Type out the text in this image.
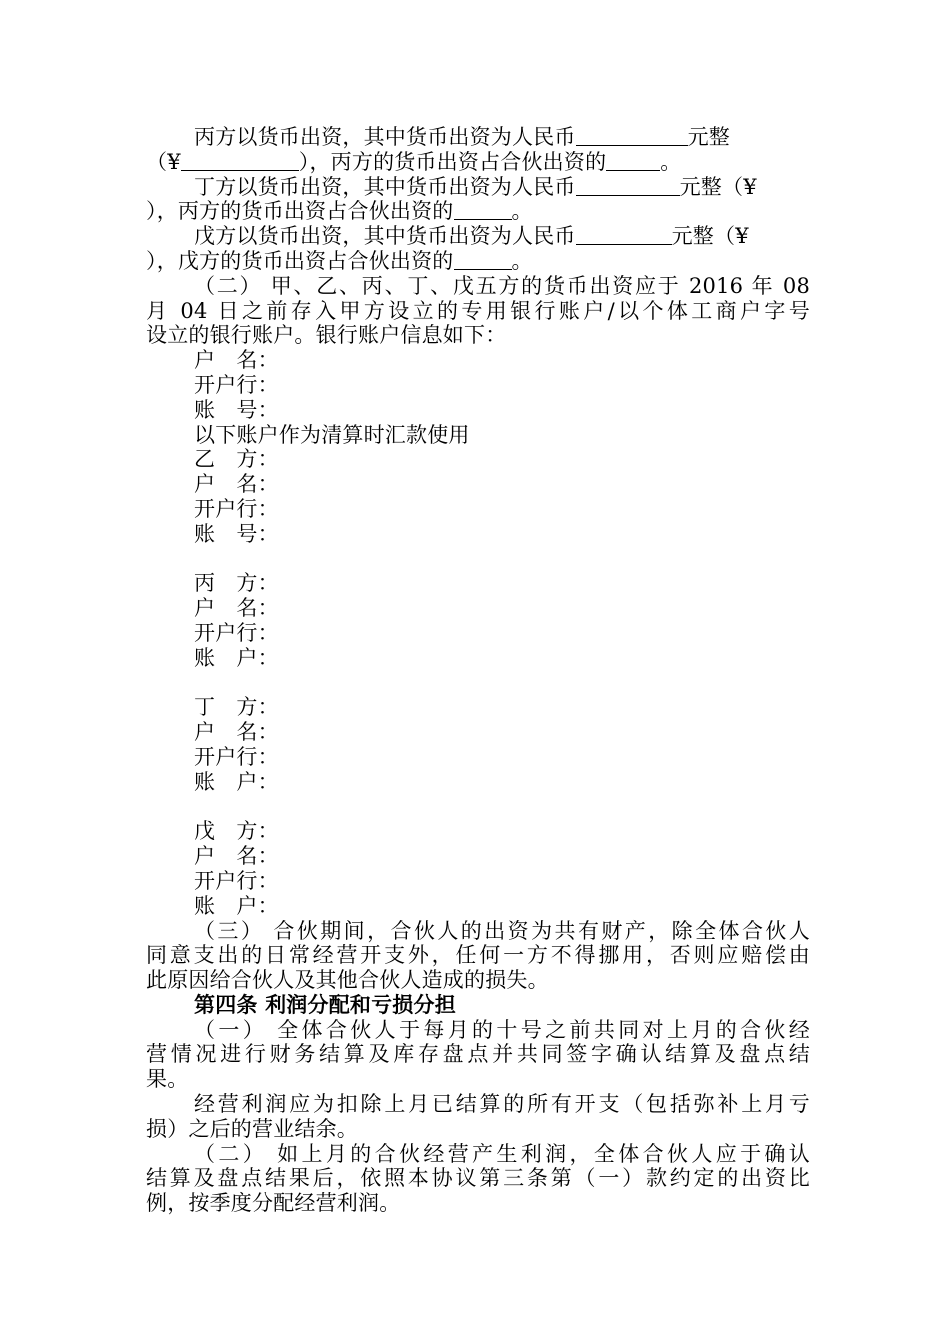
丙方以货币出资，其中货币出资为人民币	元整
（¥	），丙方的货币出资占合伙出资的	。
丁方以货币出资，其中货币出资为人民币	元整（¥
），丙方的货币出资占合伙出资的	。
戊方以货币出资，其中货币出资为人民币	元整（¥
），戊方的货币出资占合伙出资的	。
（二） 甲、乙、丙、丁、戊五方的货币出资应于 2016 年 08
月 04 日之前存入甲方设立的专用银行账户/以个体工商户字号
设立的银行账户。银行账户信息如下：
户　名：
开户行：
账　号：
以下账户作为清算时汇款使用
乙　方：
户　名：
开户行：
账　号：
丙　方：
户　名：
开户行：
账　户：
丁　方：
户　名：
开户行：
账　户：
戊　方：
户　名：
开户行：
账　户：
（三） 合伙期间，合伙人的出资为共有财产，除全体合伙人
同意支出的日常经营开支外，任何一方不得挪用，否则应赔偿由
此原因给合伙人及其他合伙人造成的损失。
第四条 利润分配和亏损分担
（一） 全体合伙人于每月的十号之前共同对上月的合伙经
营情况进行财务结算及库存盘点并共同签字确认结算及盘点结
果。
经营利润应为扣除上月已结算的所有开支（包括弥补上月亏
损）之后的营业结余。
（二） 如上月的合伙经营产生利润，全体合伙人应于确认
结算及盘点结果后，依照本协议第三条第（一）款约定的出资比
例，按季度分配经营利润。
